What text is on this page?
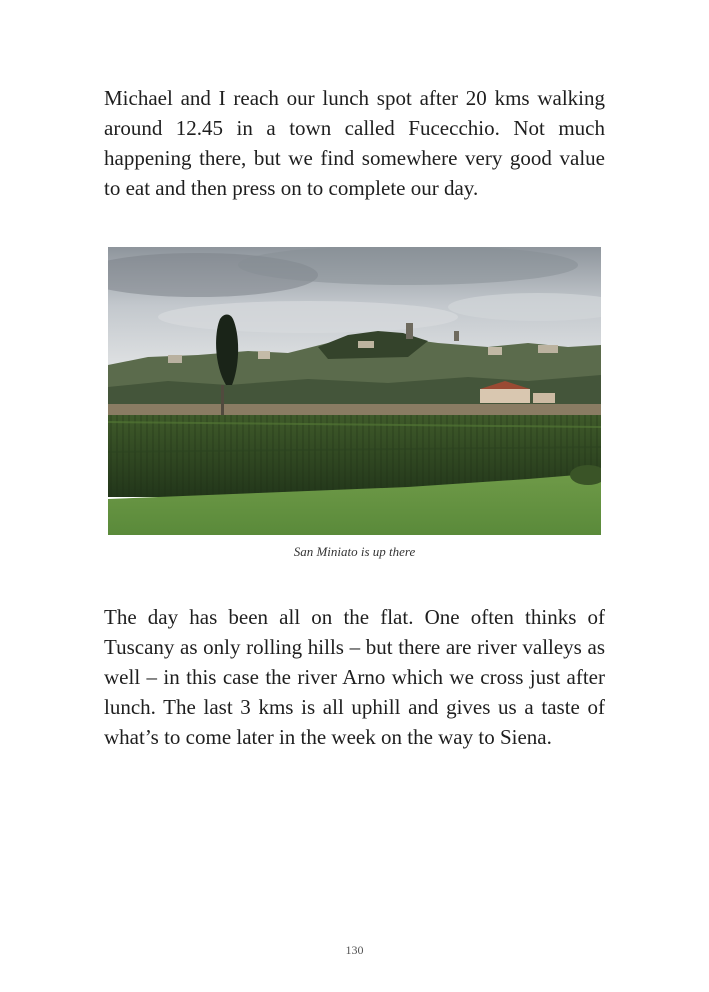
Michael and I reach our lunch spot after 20 kms walking around 12.45 in a town called Fucecchio. Not much happening there, but we find somewhere very good value to eat and then press on to complete our day.

San Miniato is up there

The day has been all on the flat. One often thinks of Tuscany as only rolling hills – but there are river valleys as well – in this case the river Arno which we cross just after lunch. The last 3 kms is all uphill and gives us a taste of what’s to come later in the week on the way to Siena.

130
